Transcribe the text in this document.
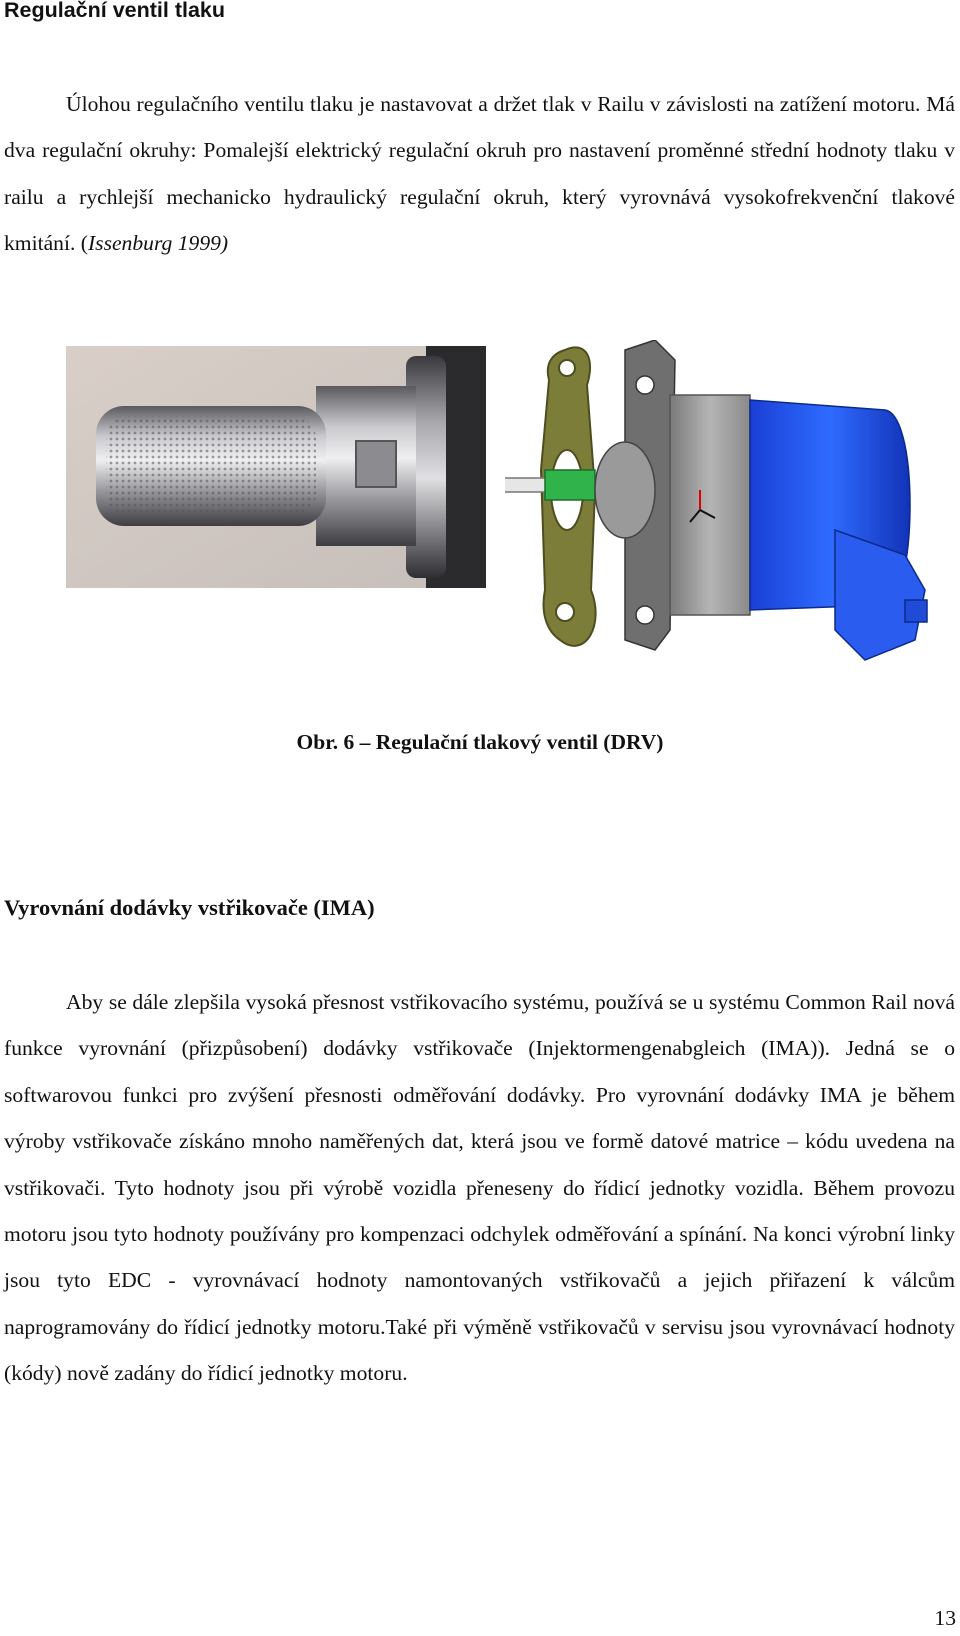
Regulační ventil tlaku

Úlohou regulačního ventilu tlaku je nastavovat a držet tlak v Railu v závislosti na zatížení motoru. Má dva regulační okruhy: Pomalejší elektrický regulační okruh pro nastavení proměnné střední hodnoty tlaku v railu a rychlejší mechanicko hydraulický regulační okruh, který vyrovnává vysokofrekvenční tlakové kmitání. (Issenburg 1999)

Obr. 6 – Regulační tlakový ventil (DRV)

Vyrovnání dodávky vstřikovače (IMA)

Aby se dále zlepšila vysoká přesnost vstřikovacího systému, používá se u systému Common Rail nová funkce vyrovnání (přizpůsobení) dodávky vstřikovače (Injektormengenabgleich (IMA)). Jedná se o softwarovou funkci pro zvýšení přesnosti odměřování dodávky. Pro vyrovnání dodávky IMA je během výroby vstřikovače získáno mnoho naměřených dat, která jsou ve formě datové matrice – kódu uvedena na vstřikovači. Tyto hodnoty jsou při výrobě vozidla přeneseny do řídicí jednotky vozidla. Během provozu motoru jsou tyto hodnoty používány pro kompenzaci odchylek odměřování a spínání. Na konci výrobní linky jsou tyto EDC - vyrovnávací hodnoty namontovaných vstřikovačů a jejich přiřazení k válcům naprogramovány do řídicí jednotky motoru.Také při výměně vstřikovačů v servisu jsou vyrovnávací hodnoty (kódy) nově zadány do řídicí jednotky motoru.

13
